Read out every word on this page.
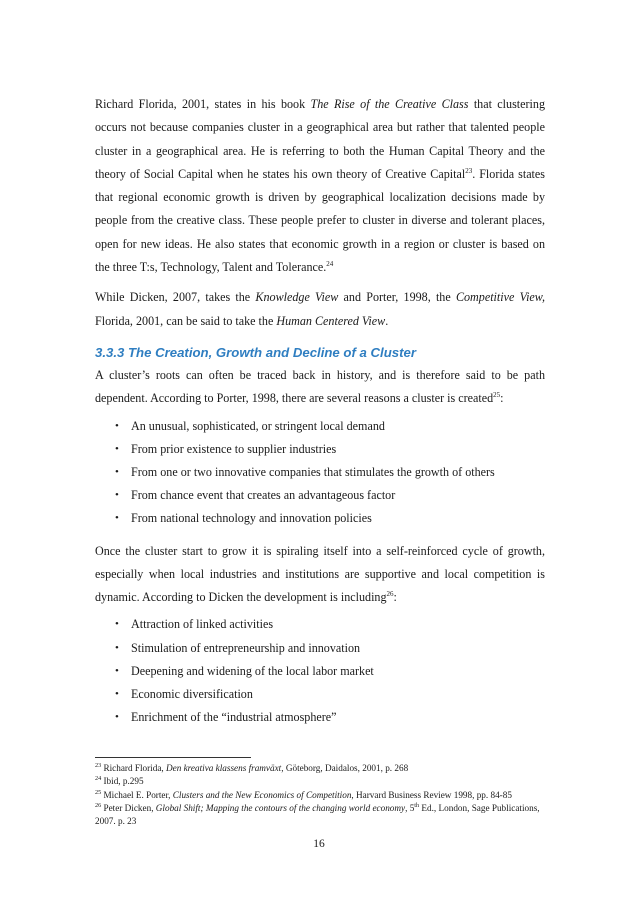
Richard Florida, 2001, states in his book The Rise of the Creative Class that clustering occurs not because companies cluster in a geographical area but rather that talented people cluster in a geographical area. He is referring to both the Human Capital Theory and the theory of Social Capital when he states his own theory of Creative Capital$^{23}$. Florida states that regional economic growth is driven by geographical localization decisions made by people from the creative class. These people prefer to cluster in diverse and tolerant places, open for new ideas. He also states that economic growth in a region or cluster is based on the three T:s, Technology, Talent and Tolerance.$^{24}$

While Dicken, 2007, takes the Knowledge View and Porter, 1998, the Competitive View, Florida, 2001, can be said to take the Human Centered View.

3.3.3 The Creation, Growth and Decline of a Cluster

A cluster’s roots can often be traced back in history, and is therefore said to be path dependent. According to Porter, 1998, there are several reasons a cluster is created$^{25}$:

• An unusual, sophisticated, or stringent local demand
• From prior existence to supplier industries
• From one or two innovative companies that stimulates the growth of others
• From chance event that creates an advantageous factor
• From national technology and innovation policies

Once the cluster start to grow it is spiraling itself into a self-reinforced cycle of growth, especially when local industries and institutions are supportive and local competition is dynamic. According to Dicken the development is including$^{26}$:

• Attraction of linked activities
• Stimulation of entrepreneurship and innovation
• Deepening and widening of the local labor market
• Economic diversification
• Enrichment of the “industrial atmosphere”
$^{23}$ Richard Florida, Den kreativa klassens framväxt, Göteborg, Daidalos, 2001, p. 268
$^{24}$ Ibid, p.295
$^{25}$ Michael E. Porter, Clusters and the New Economics of Competition, Harvard Business Review 1998, pp. 84-85
$^{26}$ Peter Dicken, Global Shift; Mapping the contours of the changing world economy, 5th Ed., London, Sage Publications, 2007. p. 23
16
